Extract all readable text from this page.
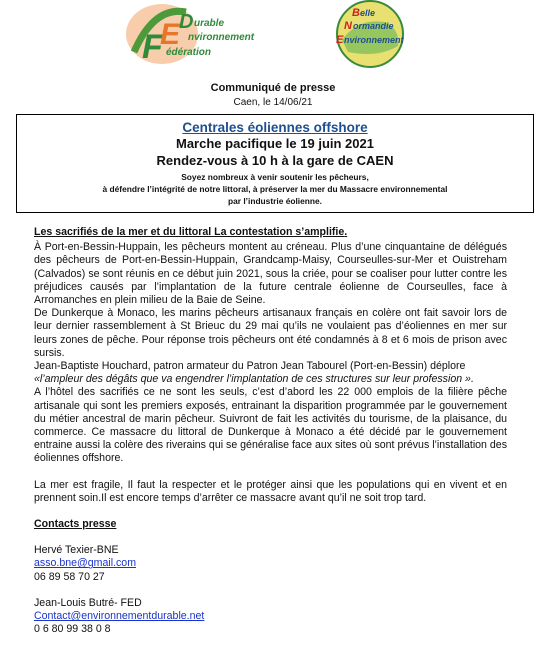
F
E
D urable
nvironnement
édération
B elle
N ormandie
E nvironnement
Communiqué de presse
Caen, le 14/06/21
Centrales éoliennes offshore
Marche pacifique le 19 juin 2021
Rendez-vous à 10 h à la gare de CAEN
Soyez nombreux à venir soutenir les pêcheurs,
à défendre l’intégrité de notre littoral, à préserver la mer du Massacre environnemental
par l’industrie éolienne.
Les sacrifiés de la mer et du littoral La contestation s’amplifie.

À Port-en-Bessin-Huppain, les pêcheurs montent au créneau. Plus d’une cinquantaine de délégués des pêcheurs de Port-en-Bessin-Huppain, Grandcamp-Maisy, Courseulles-sur-Mer et Ouistreham (Calvados) se sont réunis en ce début juin 2021, sous la criée, pour se coaliser pour lutter contre les préjudices causés par l’implantation de la future centrale éolienne de Courseulles, face à Arromanches en plein milieu de la Baie de Seine.

De Dunkerque à Monaco, les marins pêcheurs artisanaux français en colère ont fait savoir lors de leur dernier rassemblement à St Brieuc du 29 mai qu’ils ne voulaient pas d’éoliennes en mer sur leurs zones de pêche. Pour réponse trois pêcheurs ont été condamnés à 8 et 6 mois de prison avec sursis.

Jean-Baptiste Houchard, patron armateur du Patron Jean Tabourel (Port-en-Bessin) déplore

«l’ampleur des dégâts que va engendrer l’implantation de ces structures sur leur profession ».

A l’hôtel des sacrifiés ce ne sont les seuls, c’est d’abord les 22 000 emplois de la filière pêche artisanale qui sont les premiers exposés, entrainant la disparition programmée par le gouvernement du métier ancestral de marin pêcheur. Suivront de fait les activités du tourisme, de la plaisance, du commerce. Ce massacre du littoral de Dunkerque à Monaco a été décidé par le gouvernement entraine aussi la colère des riverains qui se généralise face aux sites où sont prévus l’installation des éoliennes offshore.

La mer est fragile, Il faut la respecter et le protéger ainsi que les populations qui en vivent et en prennent soin.Il est encore temps d’arrêter ce massacre avant qu’il ne soit trop tard.

Contacts presse
Hervé Texier-BNE
asso.bne@gmail.com
06 89 58 70 27
Jean-Louis Butré- FED
Contact@environnementdurable.net
0 6 80 99 38 0 8
